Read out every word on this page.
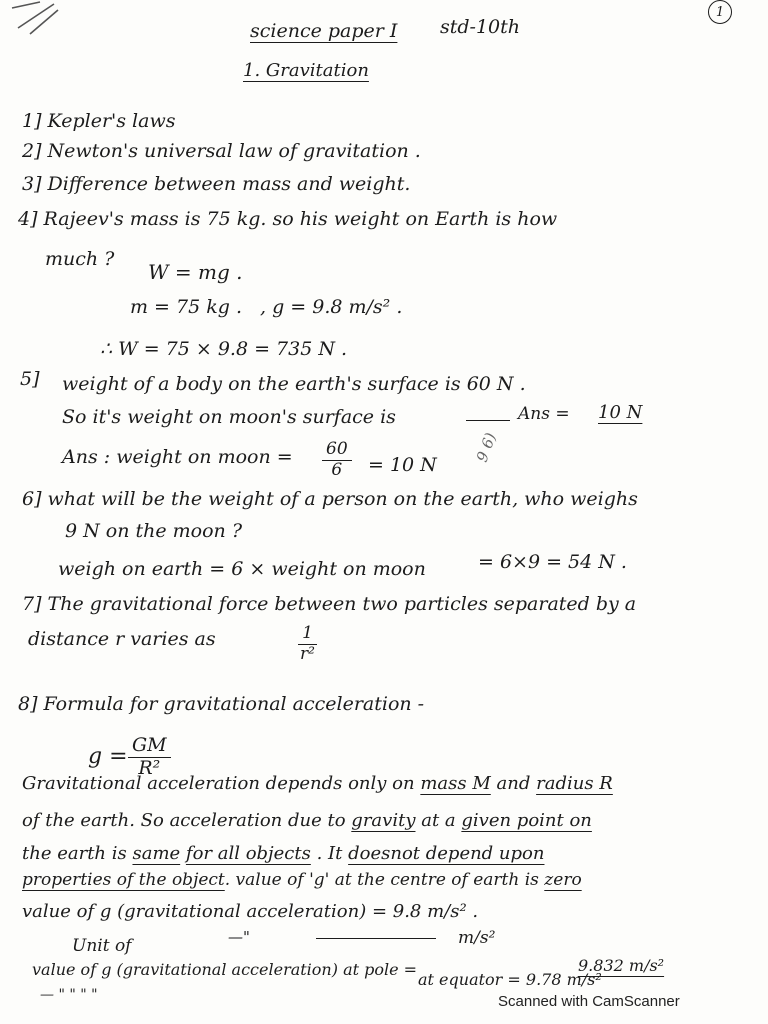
1
science paper I std-10th
1. Gravitation
1] Kepler's laws
2] Newton's universal law of gravitation .
3] Difference between mass and weight.
4] Rajeev's mass is 75 kg. so his weight on Earth is how
much ?
W = mg .
m = 75 kg . , g = 9.8 m/s² .
∴ W = 75 × 9.8 = 735 N .
5] weight of a body on the earth's surface is 60 N .
So it's weight on moon's surface is	Ans = 10 N
Ans : weight on moon = $\frac{60}{6} = 10$ N
9 6)
6] what will be the weight of a person on the earth, who weighs
9 N on the moon ?
weigh on earth = 6 × weight on moon	= 6×9 = 54 N .
7] The gravitational force between two particles separated by a
distance r varies as	$\frac{1}{\text{r²}}$
8] Formula for gravitational acceleration -
$g = \frac{GM}{\text{R²}}$
Gravitational acceleration depends only on mass M and radius R
of the earth. So acceleration due to gravity at a given point on
the earth is same for all objects . It doesnot depend upon
properties of the object. value of 'g' at the centre of earth is zero
value of g (gravitational acceleration) = 9.8 m/s² .
Unit of	—"	m/s²
value of g (gravitational acceleration) at pole =	9.832 m/s²
— " " " "
at equator = 9.78 m/s²
Scanned with CamScanner
